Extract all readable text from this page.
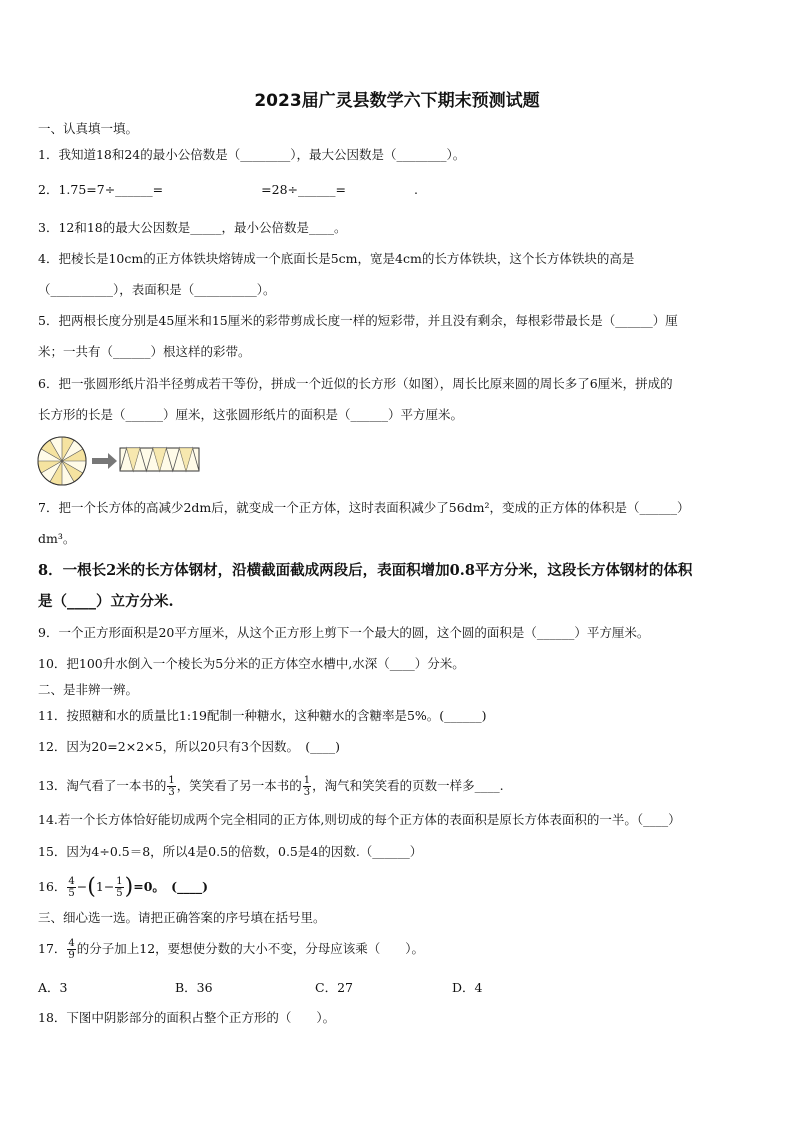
2023届广灵县数学六下期末预测试题
一、认真填一填。
1．我知道18和24的最小公倍数是（________），最大公因数是（________）。
2．1.75=7÷______=	=28÷______=	.
3．12和18的最大公因数是_____，最小公倍数是____。
4．把棱长是10cm的正方体铁块熔铸成一个底面长是5cm，宽是4cm的长方体铁块，这个长方体铁块的高是
（__________），表面积是（__________）。
5．把两根长度分别是45厘米和15厘米的彩带剪成长度一样的短彩带，并且没有剩余，每根彩带最长是（______）厘
米；一共有（______）根这样的彩带。
6．把一张圆形纸片沿半径剪成若干等份，拼成一个近似的长方形（如图），周长比原来圆的周长多了6厘米，拼成的
长方形的长是（______）厘米，这张圆形纸片的面积是（______）平方厘米。
7．把一个长方体的高减少2dm后，就变成一个正方体，这时表面积减少了56dm²，变成的正方体的体积是（______）
dm³。
8．一根长2米的长方体钢材，沿横截面截成两段后，表面积增加0.8平方分米，这段长方体钢材的体积
是（____）立方分米.
9．一个正方形面积是20平方厘米，从这个正方形上剪下一个最大的圆，这个圆的面积是（______）平方厘米。
10．把100升水倒入一个棱长为5分米的正方体空水槽中,水深（____）分米。
二、是非辨一辨。
11．按照糖和水的质量比1:19配制一种糖水，这种糖水的含糖率是5%。(______)
12．因为20=2×2×5，所以20只有3个因数。　(____)
13．淘气看了一本书的 $\frac{1}{3}$ ，笑笑看了另一本书的 $\frac{1}{3}$ ，淘气和笑笑看的页数一样多____.
14.若一个长方体恰好能切成两个完全相同的正方体,则切成的每个正方体的表面积是原长方体表面积的一半。（____）
15．因为4÷0.5＝8，所以4是0.5的倍数，0.5是4的因数.（______）
16． $\frac{4}{5} -(1- \frac{1}{5} )=0$。　(____)
三、细心选一选。请把正确答案的序号填在括号里。
17． $\frac{4}{9}$ 的分子加上12，要想使分数的大小不变，分母应该乘（　　）。
A．3	B．36	C．27	D．4
18．下图中阴影部分的面积占整个正方形的（　　）。
